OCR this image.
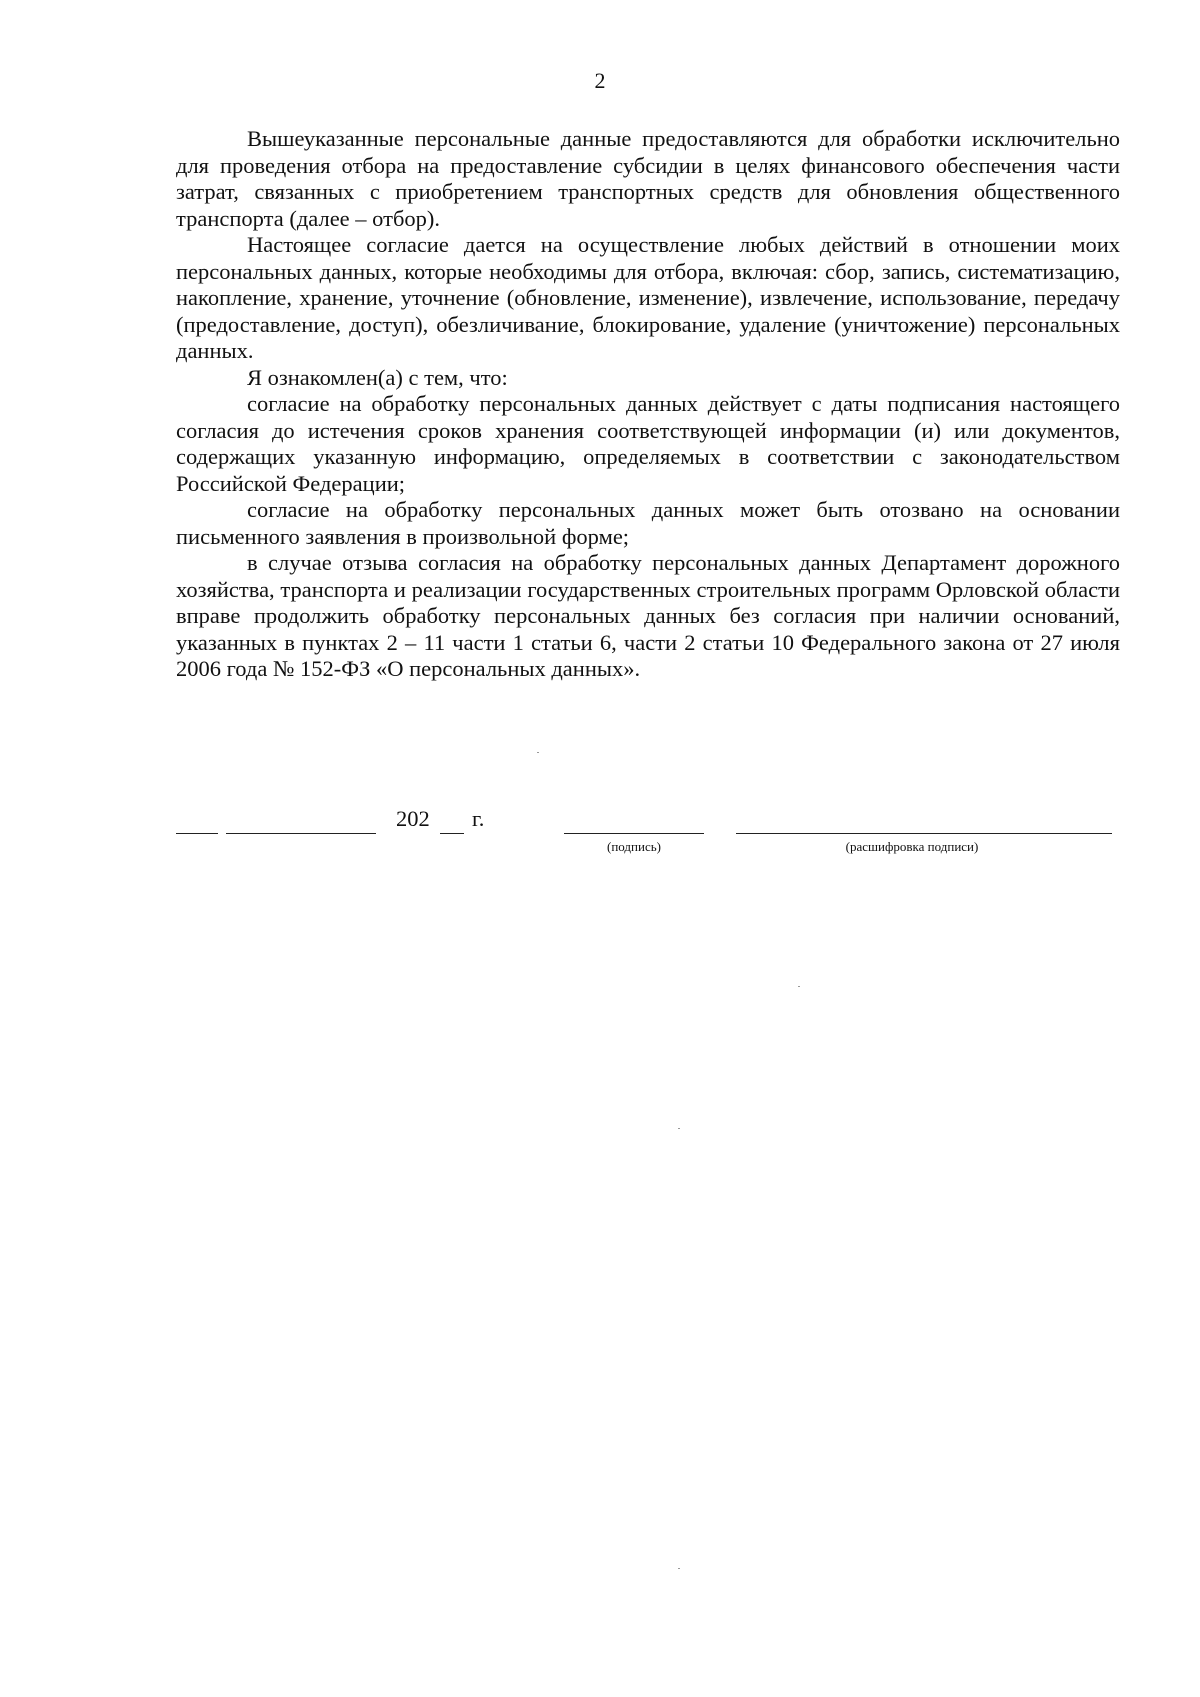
2

Вышеуказанные персональные данные предоставляются для обработки исключительно для проведения отбора на предоставление субсидии в целях финансового обеспечения части затрат, связанных с приобретением транспортных средств для обновления общественного транспорта (далее – отбор).

Настоящее согласие дается на осуществление любых действий в отношении моих персональных данных, которые необходимы для отбора, включая: сбор, запись, систематизацию, накопление, хранение, уточнение (обновление, изменение), извлечение, использование, передачу (предоставление, доступ), обезличивание, блокирование, удаление (уничтожение) персональных данных.

Я ознакомлен(а) с тем, что:

согласие на обработку персональных данных действует с даты подписания настоящего согласия до истечения сроков хранения соответствующей информации (и) или документов, содержащих указанную информацию, определяемых в соответствии с законодательством Российской Федерации;

согласие на обработку персональных данных может быть отозвано на основании письменного заявления в произвольной форме;

в случае отзыва согласия на обработку персональных данных Департамент дорожного хозяйства, транспорта и реализации государственных строительных программ Орловской области вправе продолжить обработку персональных данных без согласия при наличии оснований, указанных в пунктах 2 – 11 части 1 статьи 6, части 2 статьи 10 Федерального закона от 27 июля 2006 года № 152-ФЗ «О персональных данных».

202 г.
(подпись)	(расшифровка подписи)
